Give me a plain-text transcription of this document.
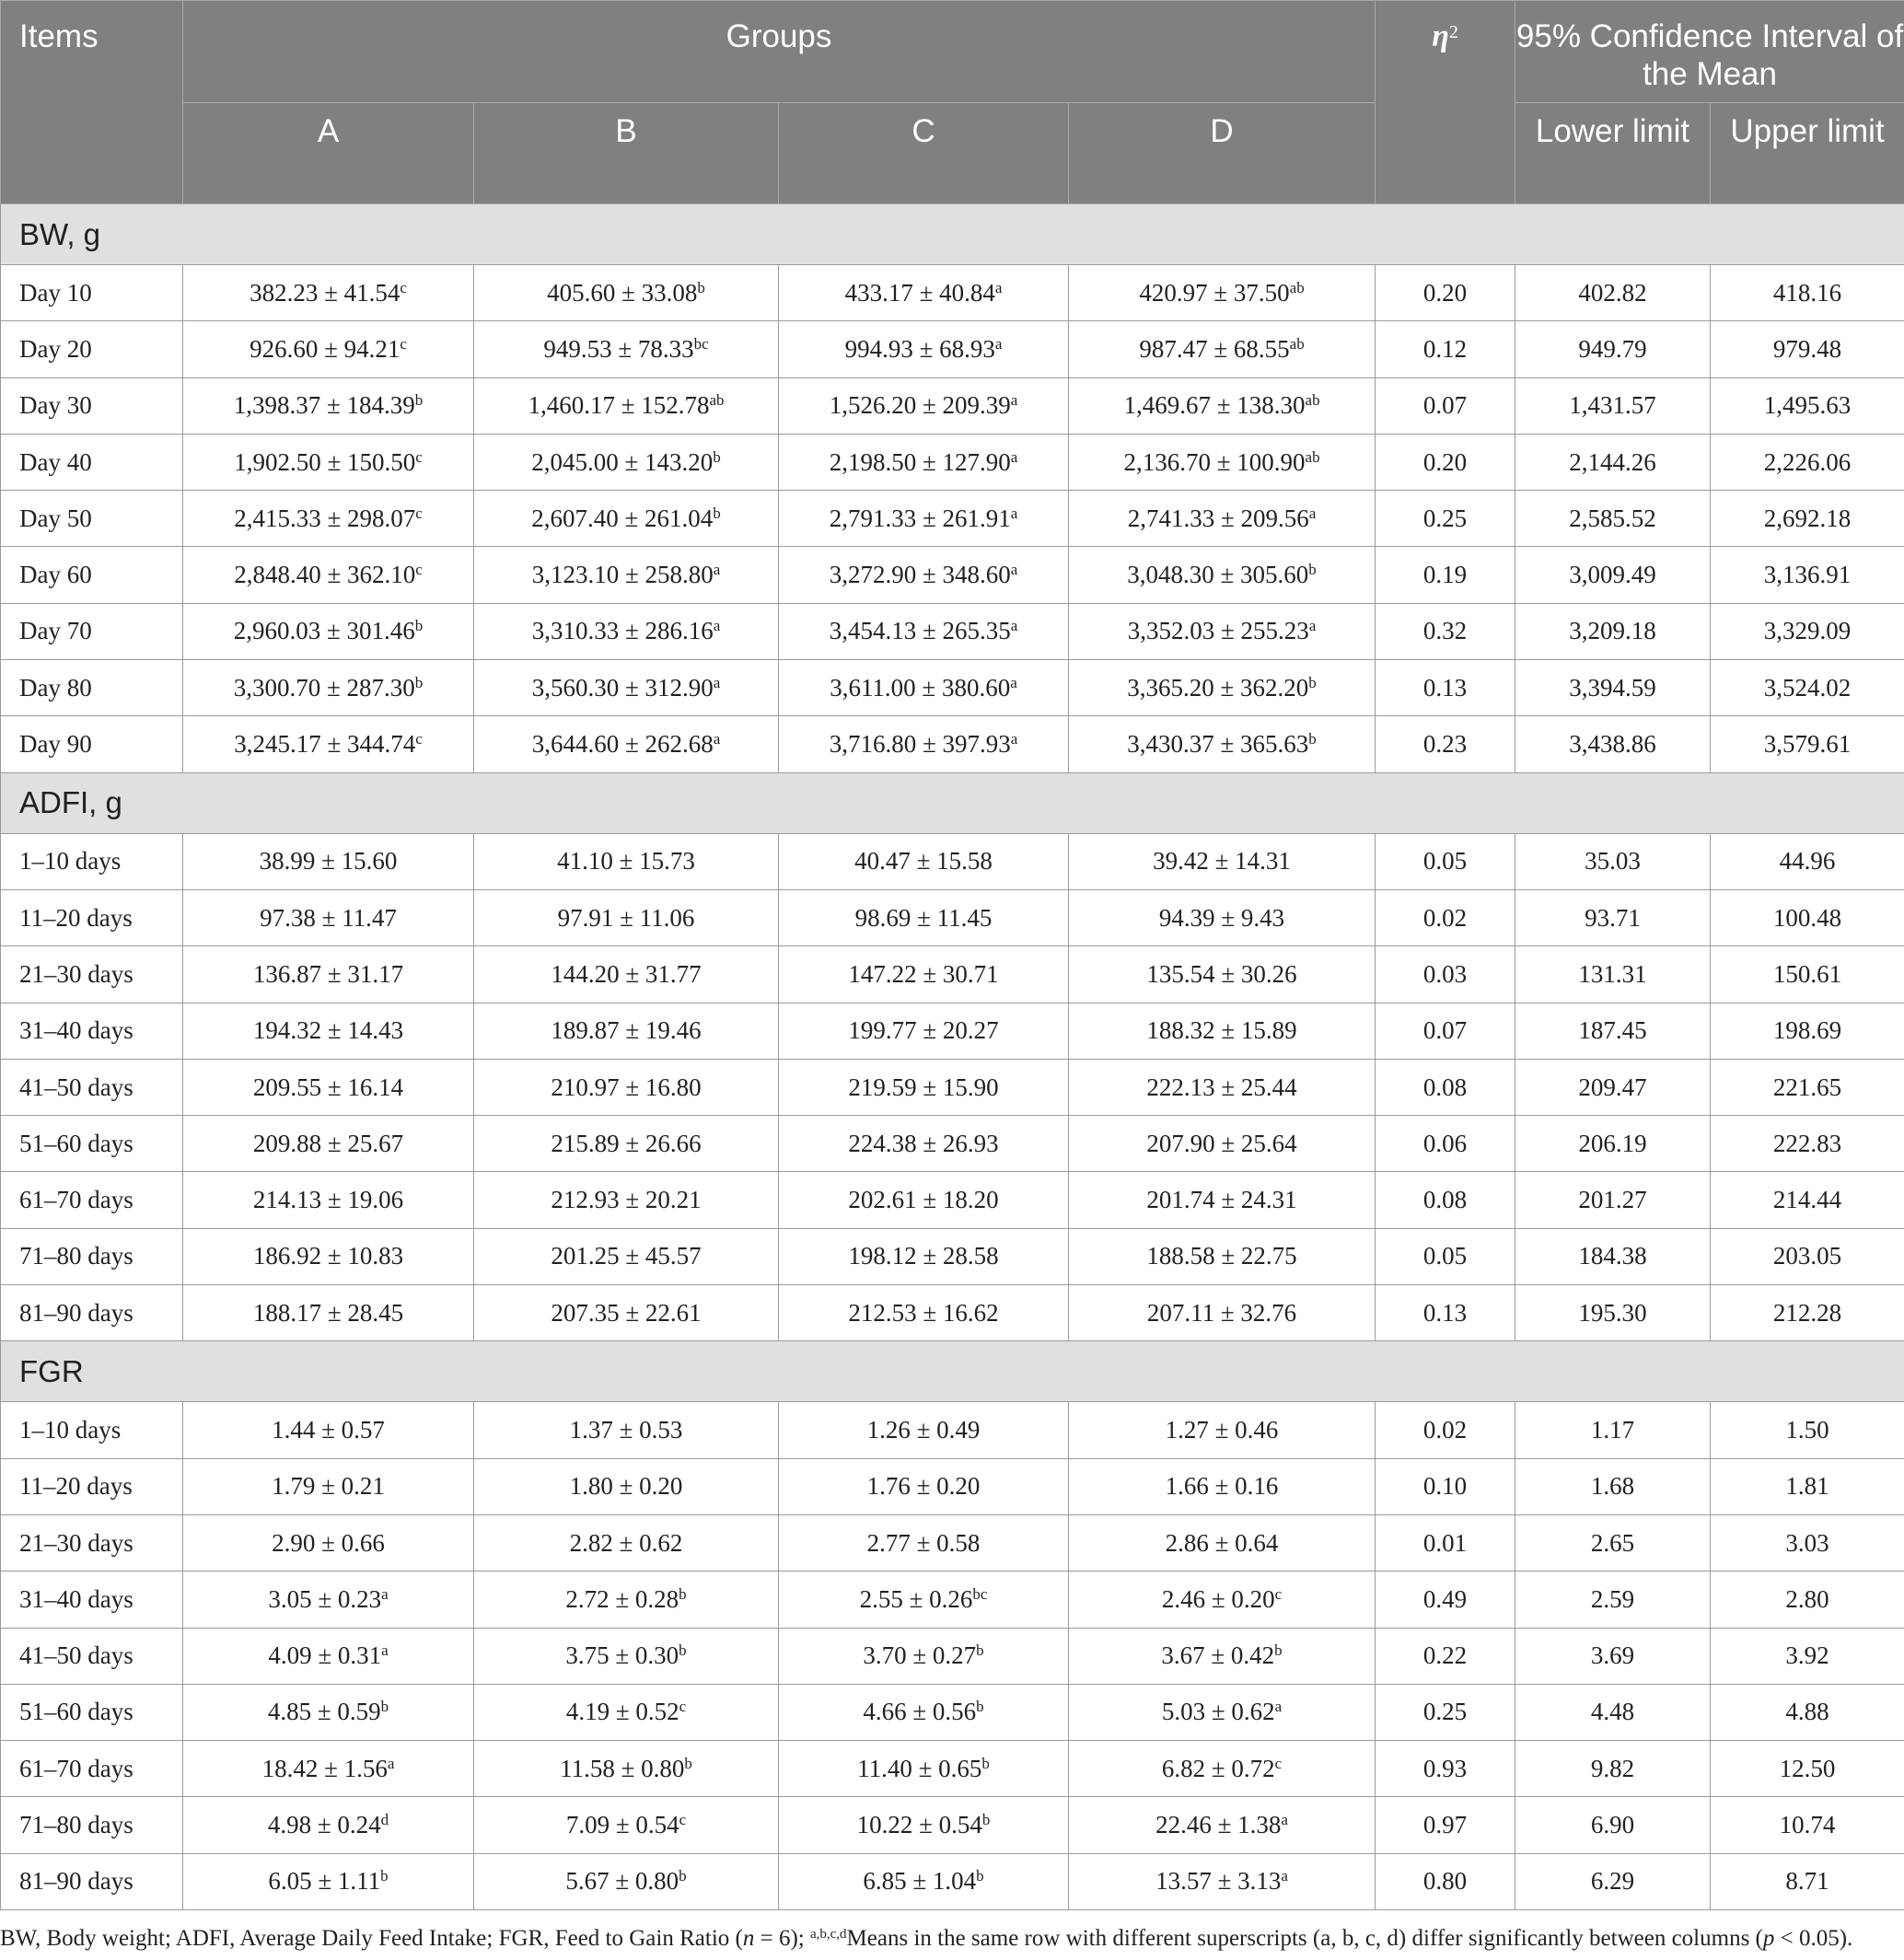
Items	Groups				$\eta^2$	95% Confidence Interval of the Mean	
	A	B	C	D		Lower limit	Upper limit
BW, g							
Day 10	382.23 ± 41.54$^c$	405.60 ± 33.08$^b$	433.17 ± 40.84$^a$	420.97 ± 37.50$^{ab}$	0.20	402.82	418.16
Day 20	926.60 ± 94.21$^c$	949.53 ± 78.33$^{bc}$	994.93 ± 68.93$^a$	987.47 ± 68.55$^{ab}$	0.12	949.79	979.48
Day 30	1,398.37 ± 184.39$^b$	1,460.17 ± 152.78$^{ab}$	1,526.20 ± 209.39$^a$	1,469.67 ± 138.30$^{ab}$	0.07	1,431.57	1,495.63
Day 40	1,902.50 ± 150.50$^c$	2,045.00 ± 143.20$^b$	2,198.50 ± 127.90$^a$	2,136.70 ± 100.90$^{ab}$	0.20	2,144.26	2,226.06
Day 50	2,415.33 ± 298.07$^c$	2,607.40 ± 261.04$^b$	2,791.33 ± 261.91$^a$	2,741.33 ± 209.56$^a$	0.25	2,585.52	2,692.18
Day 60	2,848.40 ± 362.10$^c$	3,123.10 ± 258.80$^a$	3,272.90 ± 348.60$^a$	3,048.30 ± 305.60$^b$	0.19	3,009.49	3,136.91
Day 70	2,960.03 ± 301.46$^b$	3,310.33 ± 286.16$^a$	3,454.13 ± 265.35$^a$	3,352.03 ± 255.23$^a$	0.32	3,209.18	3,329.09
Day 80	3,300.70 ± 287.30$^b$	3,560.30 ± 312.90$^a$	3,611.00 ± 380.60$^a$	3,365.20 ± 362.20$^b$	0.13	3,394.59	3,524.02
Day 90	3,245.17 ± 344.74$^c$	3,644.60 ± 262.68$^a$	3,716.80 ± 397.93$^a$	3,430.37 ± 365.63$^b$	0.23	3,438.86	3,579.61
ADFI, g							
1–10 days	38.99 ± 15.60	41.10 ± 15.73	40.47 ± 15.58	39.42 ± 14.31	0.05	35.03	44.96
11–20 days	97.38 ± 11.47	97.91 ± 11.06	98.69 ± 11.45	94.39 ± 9.43	0.02	93.71	100.48
21–30 days	136.87 ± 31.17	144.20 ± 31.77	147.22 ± 30.71	135.54 ± 30.26	0.03	131.31	150.61
31–40 days	194.32 ± 14.43	189.87 ± 19.46	199.77 ± 20.27	188.32 ± 15.89	0.07	187.45	198.69
41–50 days	209.55 ± 16.14	210.97 ± 16.80	219.59 ± 15.90	222.13 ± 25.44	0.08	209.47	221.65
51–60 days	209.88 ± 25.67	215.89 ± 26.66	224.38 ± 26.93	207.90 ± 25.64	0.06	206.19	222.83
61–70 days	214.13 ± 19.06	212.93 ± 20.21	202.61 ± 18.20	201.74 ± 24.31	0.08	201.27	214.44
71–80 days	186.92 ± 10.83	201.25 ± 45.57	198.12 ± 28.58	188.58 ± 22.75	0.05	184.38	203.05
81–90 days	188.17 ± 28.45	207.35 ± 22.61	212.53 ± 16.62	207.11 ± 32.76	0.13	195.30	212.28
FGR							
1–10 days	1.44 ± 0.57	1.37 ± 0.53	1.26 ± 0.49	1.27 ± 0.46	0.02	1.17	1.50
11–20 days	1.79 ± 0.21	1.80 ± 0.20	1.76 ± 0.20	1.66 ± 0.16	0.10	1.68	1.81
21–30 days	2.90 ± 0.66	2.82 ± 0.62	2.77 ± 0.58	2.86 ± 0.64	0.01	2.65	3.03
31–40 days	3.05 ± 0.23$^a$	2.72 ± 0.28$^b$	2.55 ± 0.26$^{bc}$	2.46 ± 0.20$^c$	0.49	2.59	2.80
41–50 days	4.09 ± 0.31$^a$	3.75 ± 0.30$^b$	3.70 ± 0.27$^b$	3.67 ± 0.42$^b$	0.22	3.69	3.92
51–60 days	4.85 ± 0.59$^b$	4.19 ± 0.52$^c$	4.66 ± 0.56$^b$	5.03 ± 0.62$^a$	0.25	4.48	4.88
61–70 days	18.42 ± 1.56$^a$	11.58 ± 0.80$^b$	11.40 ± 0.65$^b$	6.82 ± 0.72$^c$	0.93	9.82	12.50
71–80 days	4.98 ± 0.24$^d$	7.09 ± 0.54$^c$	10.22 ± 0.54$^b$	22.46 ± 1.38$^a$	0.97	6.90	10.74
81–90 days	6.05 ± 1.11$^b$	5.67 ± 0.80$^b$	6.85 ± 1.04$^b$	13.57 ± 3.13$^a$	0.80	6.29	8.71
BW, Body weight; ADFI, Average Daily Feed Intake; FGR, Feed to Gain Ratio (n = 6); $^{a,b,c,d}$Means in the same row with different superscripts (a, b, c, d) differ significantly between columns (p < 0.05).
